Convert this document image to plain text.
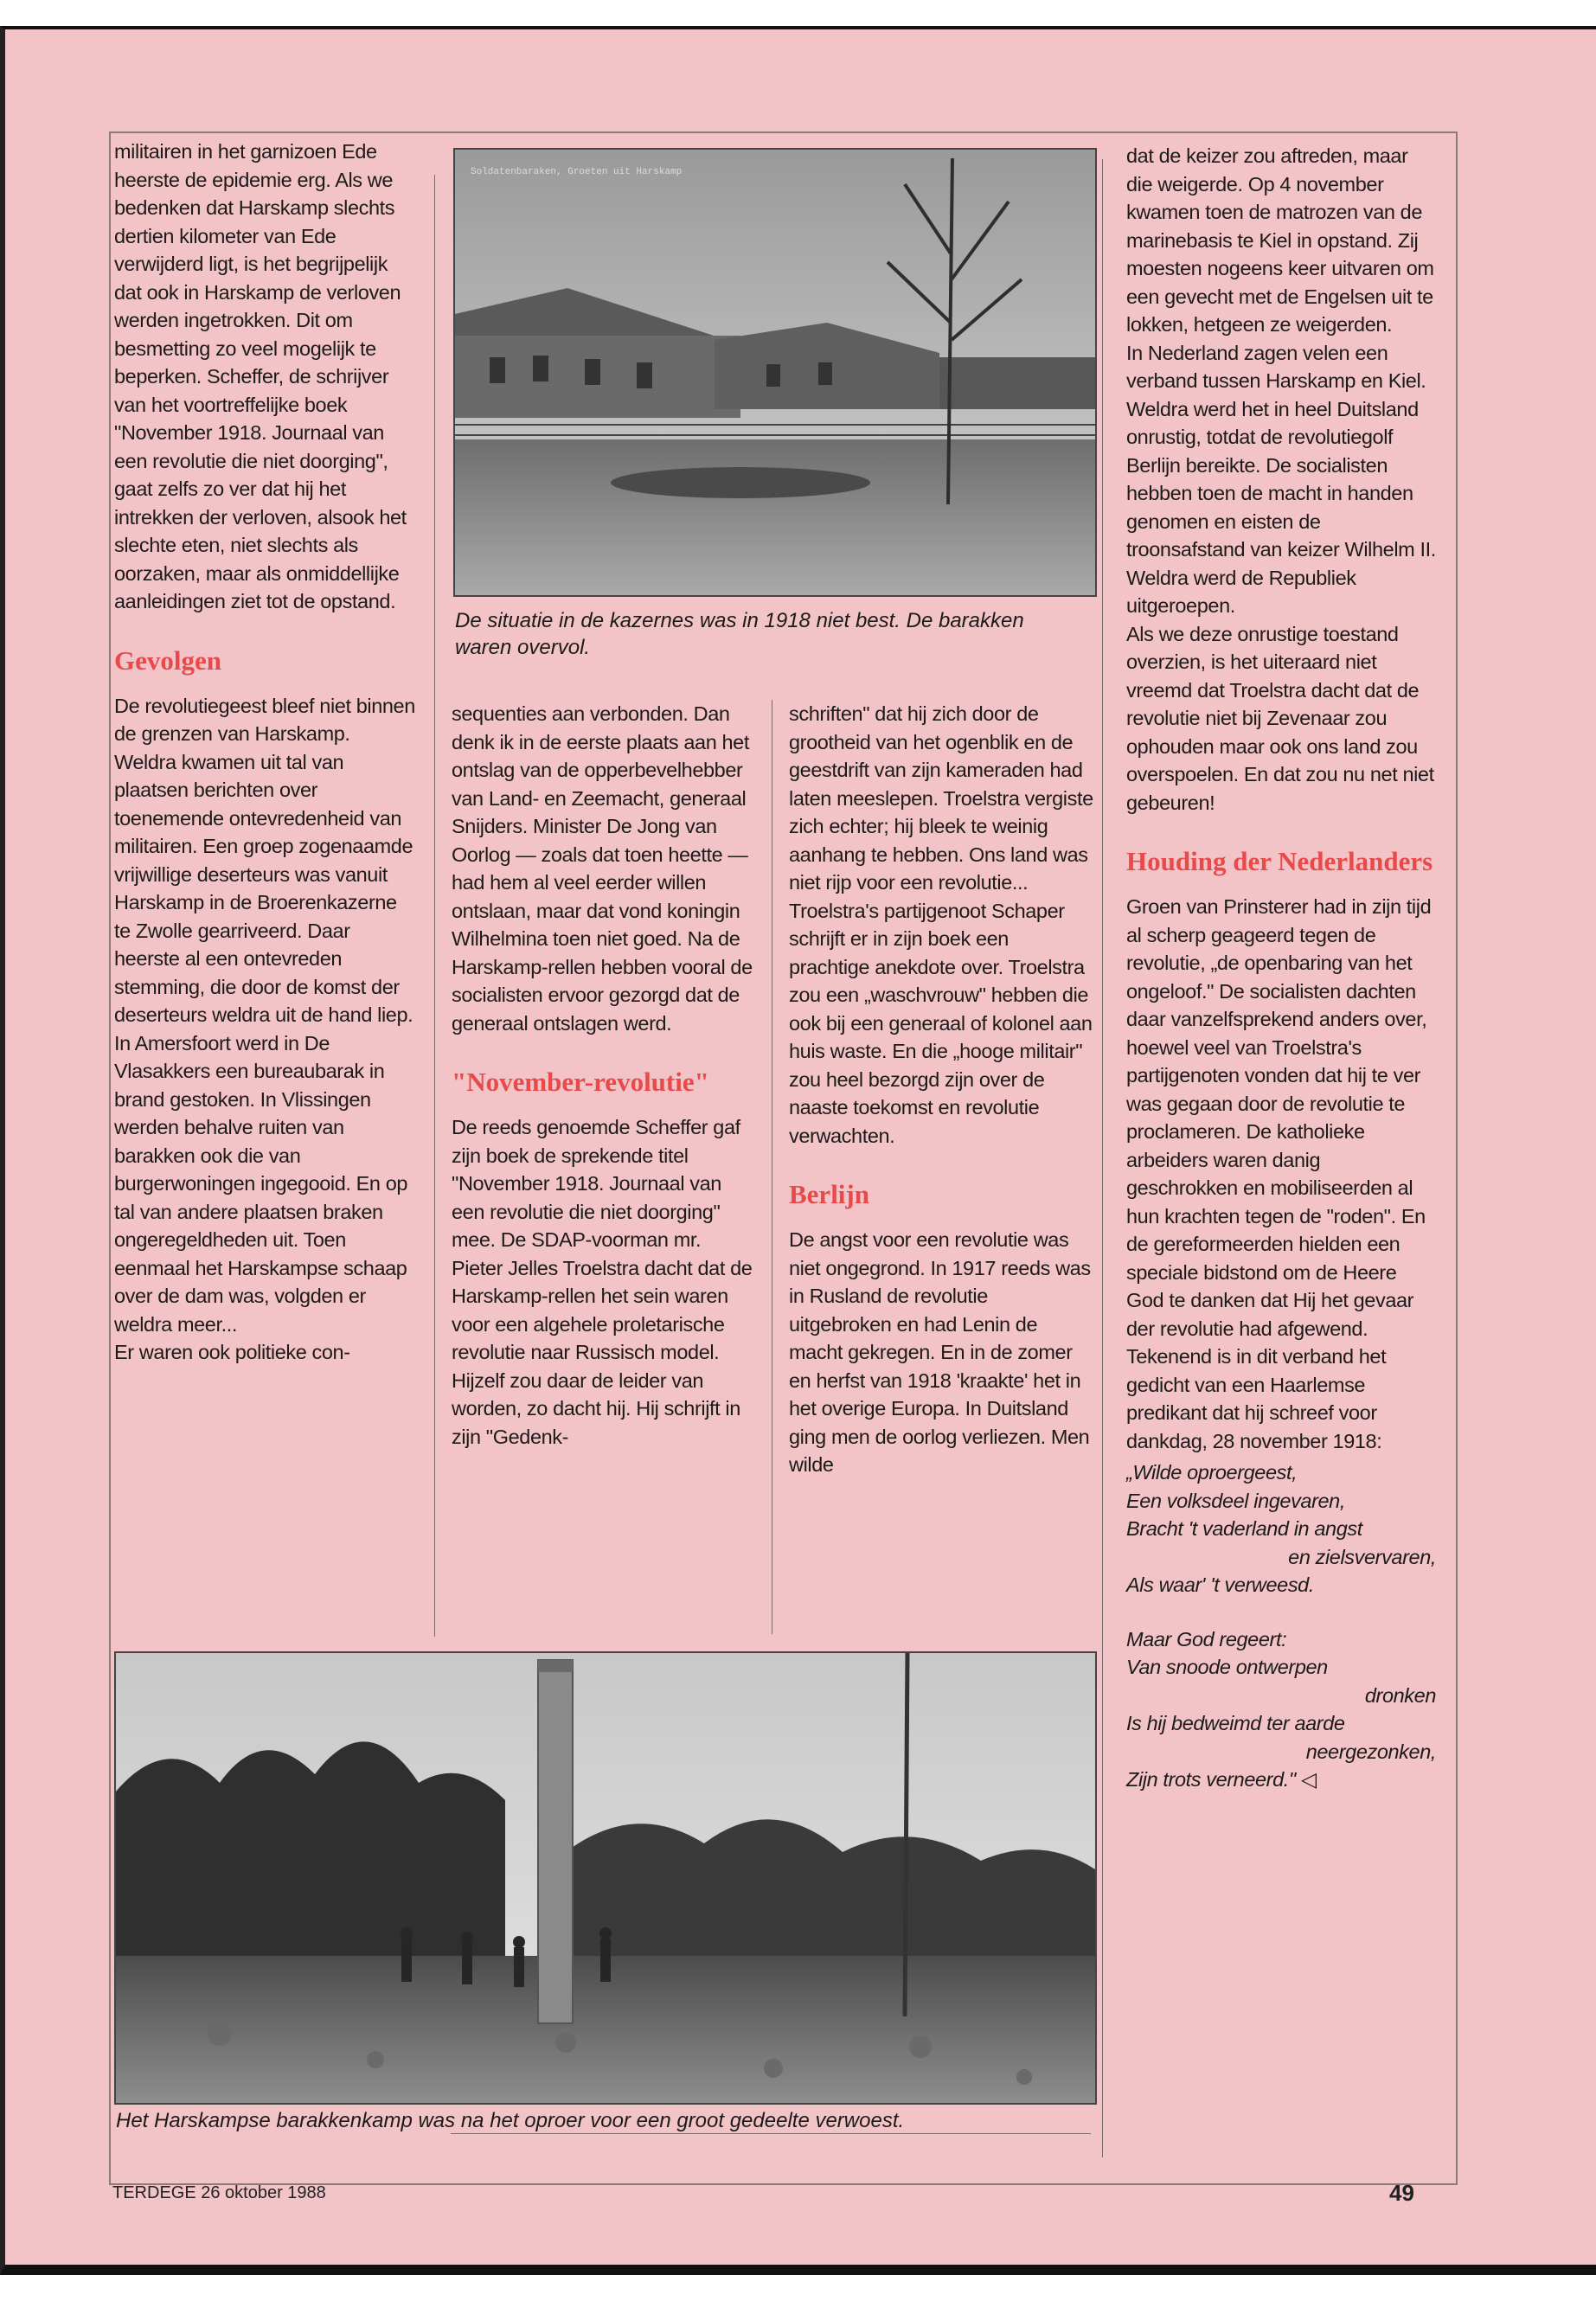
militairen in het garnizoen Ede heerste de epidemie erg. Als we bedenken dat Harskamp slechts dertien kilometer van Ede verwijderd ligt, is het begrijpelijk dat ook in Harskamp de verloven werden ingetrokken. Dit om besmetting zo veel mogelijk te beperken. Scheffer, de schrijver van het voortreffelijke boek "November 1918. Journaal van een revolutie die niet doorging", gaat zelfs zo ver dat hij het intrekken der verloven, alsook het slechte eten, niet slechts als oorzaken, maar als onmiddellijke aanleidingen ziet tot de opstand.

Gevolgen

De revolutiegeest bleef niet binnen de grenzen van Harskamp. Weldra kwamen uit tal van plaatsen berichten over toenemende ontevredenheid van militairen. Een groep zogenaamde vrijwillige deserteurs was vanuit Harskamp in de Broerenkazerne te Zwolle gearriveerd. Daar heerste al een ontevreden stemming, die door de komst der deserteurs weldra uit de hand liep.

In Amersfoort werd in De Vlasakkers een bureaubarak in brand gestoken. In Vlissingen werden behalve ruiten van barakken ook die van burgerwoningen ingegooid. En op tal van andere plaatsen braken ongeregeldheden uit. Toen eenmaal het Harskampse schaap over de dam was, volgden er weldra meer...

Er waren ook politieke con-

Soldatenbaraken, Groeten uit Harskamp
De situatie in de kazernes was in 1918 niet best. De barakken waren overvol.

sequenties aan verbonden. Dan denk ik in de eerste plaats aan het ontslag van de opperbevelhebber van Land- en Zeemacht, generaal Snijders. Minister De Jong van Oorlog — zoals dat toen heette — had hem al veel eerder willen ontslaan, maar dat vond koningin Wilhelmina toen niet goed. Na de Harskamp-rellen hebben vooral de socialisten ervoor gezorgd dat de generaal ontslagen werd.

"November-revolutie"

De reeds genoemde Scheffer gaf zijn boek de sprekende titel "November 1918. Journaal van een revolutie die niet doorging" mee. De SDAP-voorman mr. Pieter Jelles Troelstra dacht dat de Harskamp-rellen het sein waren voor een algehele proletarische revolutie naar Russisch model. Hijzelf zou daar de leider van worden, zo dacht hij. Hij schrijft in zijn "Gedenk-

schriften" dat hij zich door de grootheid van het ogenblik en de geestdrift van zijn kameraden had laten meeslepen. Troelstra vergiste zich echter; hij bleek te weinig aanhang te hebben. Ons land was niet rijp voor een revolutie...

Troelstra's partijgenoot Schaper schrijft er in zijn boek een prachtige anekdote over. Troelstra zou een „waschvrouw" hebben die ook bij een generaal of kolonel aan huis waste. En die „hooge militair" zou heel bezorgd zijn over de naaste toekomst en revolutie verwachten.

Berlijn

De angst voor een revolutie was niet ongegrond. In 1917 reeds was in Rusland de revolutie uitgebroken en had Lenin de macht gekregen. En in de zomer en herfst van 1918 'kraakte' het in het overige Europa. In Duitsland ging men de oorlog verliezen. Men wilde

dat de keizer zou aftreden, maar die weigerde. Op 4 november kwamen toen de matrozen van de marinebasis te Kiel in opstand. Zij moesten nogeens keer uitvaren om een gevecht met de Engelsen uit te lokken, hetgeen ze weigerden.

In Nederland zagen velen een verband tussen Harskamp en Kiel. Weldra werd het in heel Duitsland onrustig, totdat de revolutiegolf Berlijn bereikte. De socialisten hebben toen de macht in handen genomen en eisten de troonsafstand van keizer Wilhelm II. Weldra werd de Republiek uitgeroepen.

Als we deze onrustige toestand overzien, is het uiteraard niet vreemd dat Troelstra dacht dat de revolutie niet bij Zevenaar zou ophouden maar ook ons land zou overspoelen. En dat zou nu net niet gebeuren!

Houding der Nederlanders

Groen van Prinsterer had in zijn tijd al scherp geageerd tegen de revolutie, „de openbaring van het ongeloof." De socialisten dachten daar vanzelfsprekend anders over, hoewel veel van Troelstra's partijgenoten vonden dat hij te ver was gegaan door de revolutie te proclameren. De katholieke arbeiders waren danig geschrokken en mobiliseerden al hun krachten tegen de "roden". En de gereformeerden hielden een speciale bidstond om de Heere God te danken dat Hij het gevaar der revolutie had afgewend. Tekenend is in dit verband het gedicht van een Haarlemse predikant dat hij schreef voor dankdag, 28 november 1918:

„Wilde oproergeest,

Een volksdeel ingevaren,

Bracht 't vaderland in angst

en zielsvervaren,

Als waar' 't verweesd.

Maar God regeert:

Van snoode ontwerpen

dronken

Is hij bedweimd ter aarde

neergezonken,

Zijn trots verneerd." ◁

Het Harskampse barakkenkamp was na het oproer voor een groot gedeelte verwoest.
TERDEGE 26 oktober 1988	49
